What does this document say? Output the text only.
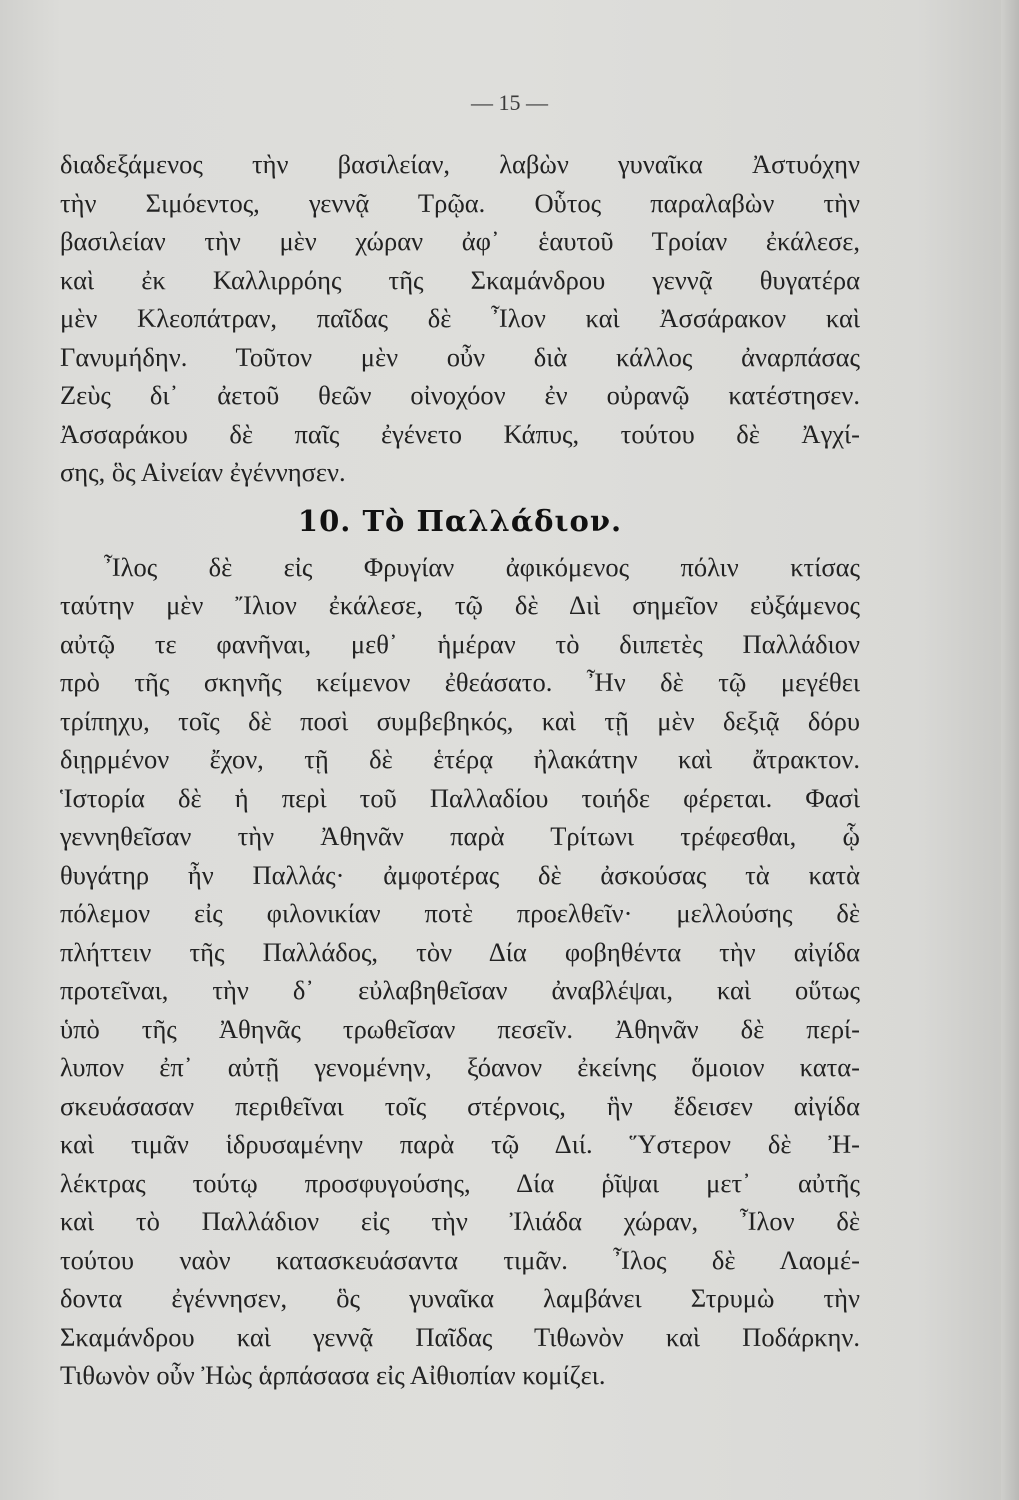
— 15 —
διαδεξάμενος τὴν βασιλείαν, λαβὼν γυναῖκα Ἀστυόχην
τὴν Σιμόεντος, γεννᾷ Τρῷα. Οὗτος παραλαβὼν τὴν
βασιλείαν τὴν μὲν χώραν ἀφ᾽ ἑαυτοῦ Τροίαν ἐκάλεσε,
καὶ ἐκ Καλλιρρόης τῆς Σκαμάνδρου γεννᾷ θυγατέρα
μὲν Κλεοπάτραν, παῖδας δὲ Ἶλον καὶ Ἀσσάρακον καὶ
Γανυμήδην. Τοῦτον μὲν οὖν διὰ κάλλος ἀναρπάσας
Ζεὺς δι᾽ ἀετοῦ θεῶν οἰνοχόον ἐν οὐρανῷ κατέστησεν.
Ἀσσαράκου δὲ παῖς ἐγένετο Κάπυς, τούτου δὲ Ἀγχί-
σης, ὃς Αἰνείαν ἐγέννησεν.
10. Τὸ Παλλάδιον.
Ἶλος δὲ εἰς Φρυγίαν ἀφικόμενος πόλιν κτίσας
ταύτην μὲν Ἴλιον ἐκάλεσε, τῷ δὲ Διὶ σημεῖον εὐξάμενος
αὐτῷ τε φανῆναι, μεθ᾽ ἡμέραν τὸ διιπετὲς Παλλάδιον
πρὸ τῆς σκηνῆς κείμενον ἐθεάσατο. Ἦν δὲ τῷ μεγέθει
τρίπηχυ, τοῖς δὲ ποσὶ συμβεβηκός, καὶ τῇ μὲν δεξιᾷ δόρυ
διῃρμένον ἔχον, τῇ δὲ ἑτέρᾳ ἠλακάτην καὶ ἄτρακτον.
Ἱστορία δὲ ἡ περὶ τοῦ Παλλαδίου τοιήδε φέρεται. Φασὶ
γεννηθεῖσαν τὴν Ἀθηνᾶν παρὰ Τρίτωνι τρέφεσθαι, ᾧ
θυγάτηρ ἦν Παλλάς· ἀμφοτέρας δὲ ἀσκούσας τὰ κατὰ
πόλεμον εἰς φιλονικίαν ποτὲ προελθεῖν· μελλούσης δὲ
πλήττειν τῆς Παλλάδος, τὸν Δία φοβηθέντα τὴν αἰγίδα
προτεῖναι, τὴν δ᾽ εὐλαβηθεῖσαν ἀναβλέψαι, καὶ οὕτως
ὑπὸ τῆς Ἀθηνᾶς τρωθεῖσαν πεσεῖν. Ἀθηνᾶν δὲ περί-
λυπον ἐπ᾽ αὐτῇ γενομένην, ξόανον ἐκείνης ὅμοιον κατα-
σκευάσασαν περιθεῖναι τοῖς στέρνοις, ἣν ἔδεισεν αἰγίδα
καὶ τιμᾶν ἱδρυσαμένην παρὰ τῷ Διί. Ὕστερον δὲ Ἠ-
λέκτρας τούτῳ προσφυγούσης, Δία ῥῖψαι μετ᾽ αὐτῆς
καὶ τὸ Παλλάδιον εἰς τὴν Ἰλιάδα χώραν, Ἶλον δὲ
τούτου ναὸν κατασκευάσαντα τιμᾶν. Ἶλος δὲ Λαομέ-
δοντα ἐγέννησεν, ὃς γυναῖκα λαμβάνει Στρυμὼ τὴν
Σκαμάνδρου καὶ γεννᾷ Παῖδας Τιθωνὸν καὶ Ποδάρκην.
Τιθωνὸν οὖν Ἠὼς ἁρπάσασα εἰς Αἰθιοπίαν κομίζει.
